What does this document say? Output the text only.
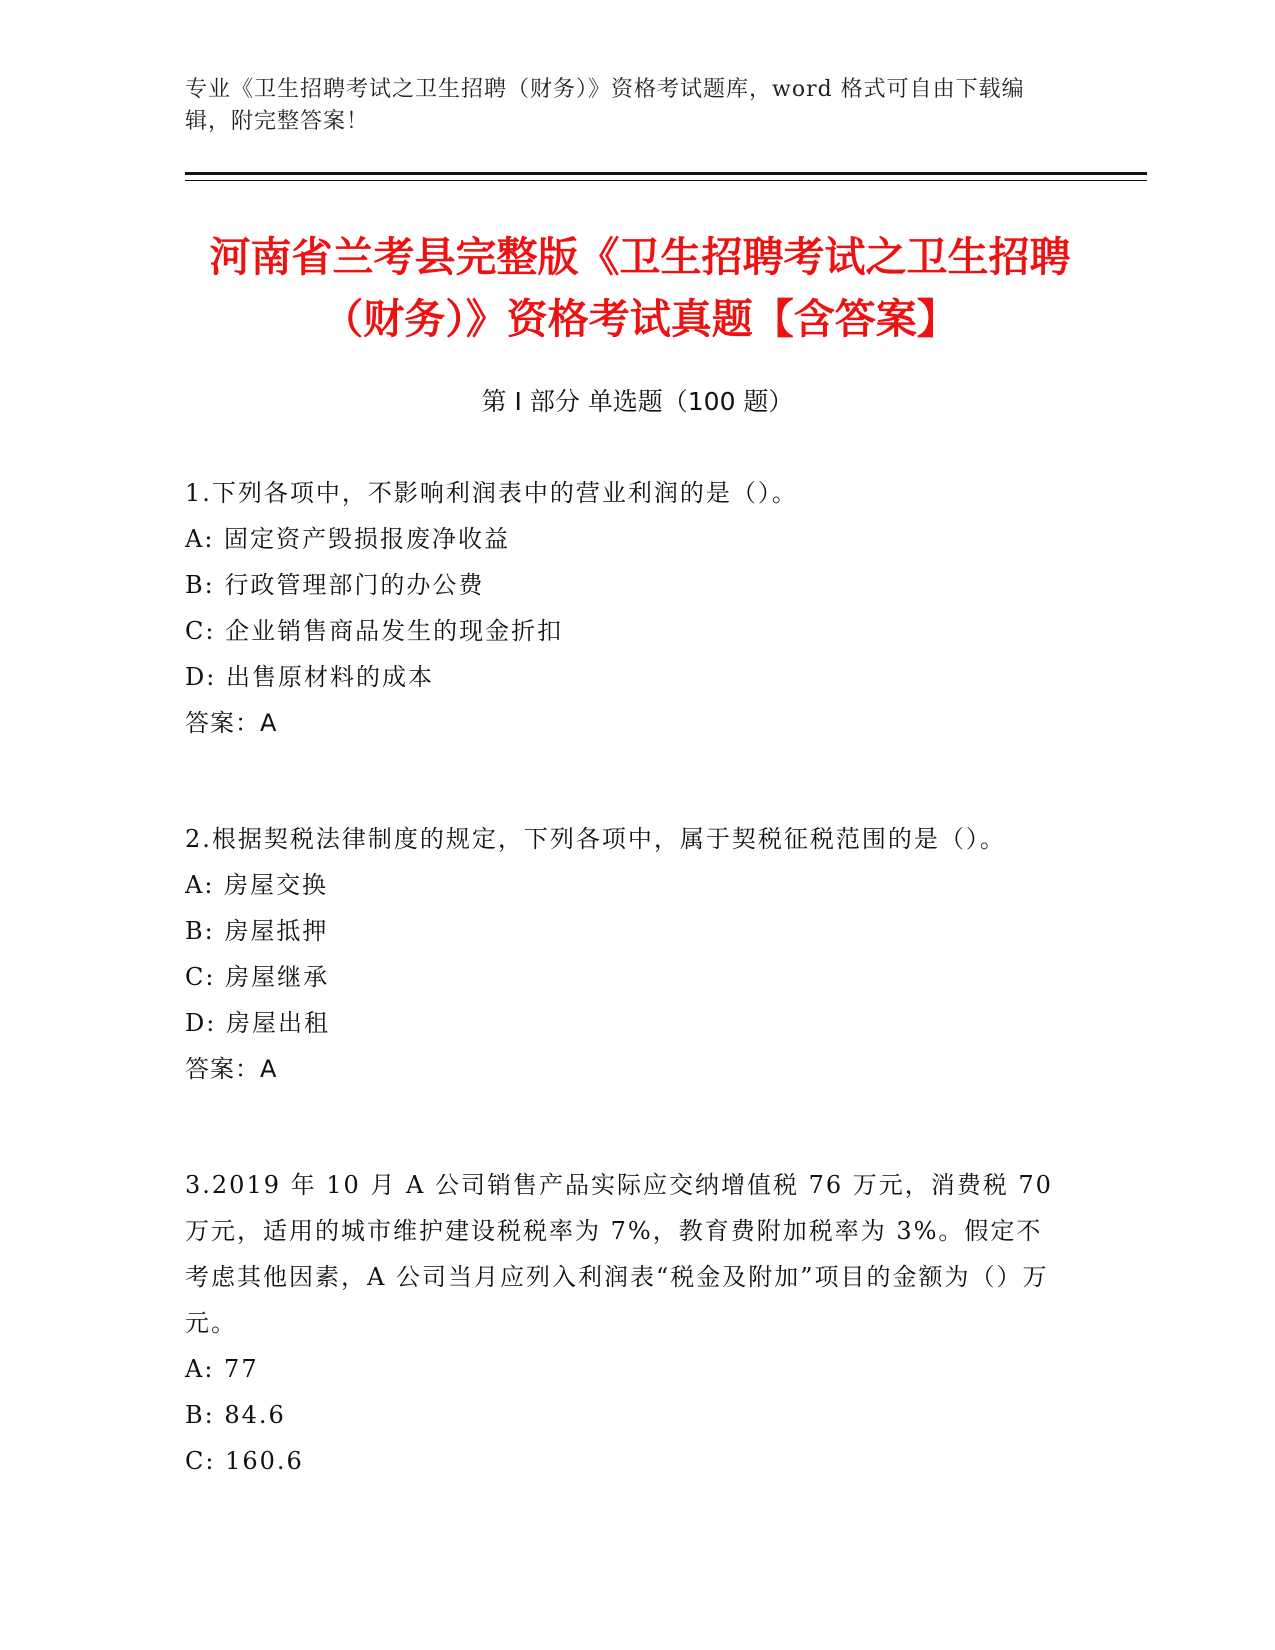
专业《卫生招聘考试之卫生招聘（财务）》资格考试题库，word 格式可自由下载编辑，附完整答案！
河南省兰考县完整版《卫生招聘考试之卫生招聘（财务）》资格考试真题【含答案】
第 I 部分 单选题（100 题）
1.下列各项中，不影响利润表中的营业利润的是（）。
A: 固定资产毁损报废净收益
B: 行政管理部门的办公费
C: 企业销售商品发生的现金折扣
D: 出售原材料的成本
答案：A
2.根据契税法律制度的规定，下列各项中，属于契税征税范围的是（）。
A: 房屋交换
B: 房屋抵押
C: 房屋继承
D: 房屋出租
答案：A
3.2019 年 10 月 A 公司销售产品实际应交纳增值税 76 万元，消费税 70 万元，适用的城市维护建设税税率为 7%，教育费附加税率为 3%。假定不考虑其他因素，A 公司当月应列入利润表“税金及附加”项目的金额为（）万元。
A: 77
B: 84.6
C: 160.6
